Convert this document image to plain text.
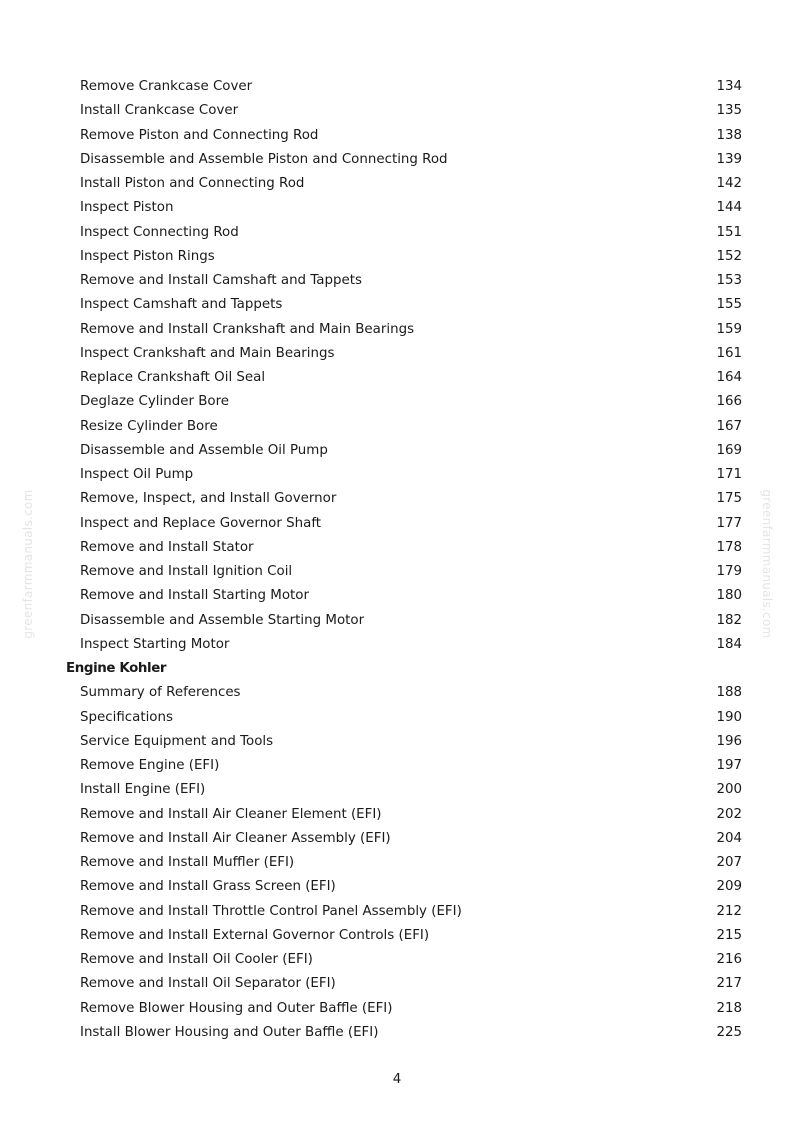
greenfarmmanuals.com	greenfarmmanuals.com
Remove Crankcase Cover	134
Install Crankcase Cover	135
Remove Piston and Connecting Rod	138
Disassemble and Assemble Piston and Connecting Rod	139
Install Piston and Connecting Rod	142
Inspect Piston	144
Inspect Connecting Rod	151
Inspect Piston Rings	152
Remove and Install Camshaft and Tappets	153
Inspect Camshaft and Tappets	155
Remove and Install Crankshaft and Main Bearings	159
Inspect Crankshaft and Main Bearings	161
Replace Crankshaft Oil Seal	164
Deglaze Cylinder Bore	166
Resize Cylinder Bore	167
Disassemble and Assemble Oil Pump	169
Inspect Oil Pump	171
Remove, Inspect, and Install Governor	175
Inspect and Replace Governor Shaft	177
Remove and Install Stator	178
Remove and Install Ignition Coil	179
Remove and Install Starting Motor	180
Disassemble and Assemble Starting Motor	182
Inspect Starting Motor	184
Engine Kohler
Summary of References	188
Specifications	190
Service Equipment and Tools	196
Remove Engine (EFI)	197
Install Engine (EFI)	200
Remove and Install Air Cleaner Element (EFI)	202
Remove and Install Air Cleaner Assembly (EFI)	204
Remove and Install Muffler (EFI)	207
Remove and Install Grass Screen (EFI)	209
Remove and Install Throttle Control Panel Assembly (EFI)	212
Remove and Install External Governor Controls (EFI)	215
Remove and Install Oil Cooler (EFI)	216
Remove and Install Oil Separator (EFI)	217
Remove Blower Housing and Outer Baffle (EFI)	218
Install Blower Housing and Outer Baffle (EFI)	225
4
